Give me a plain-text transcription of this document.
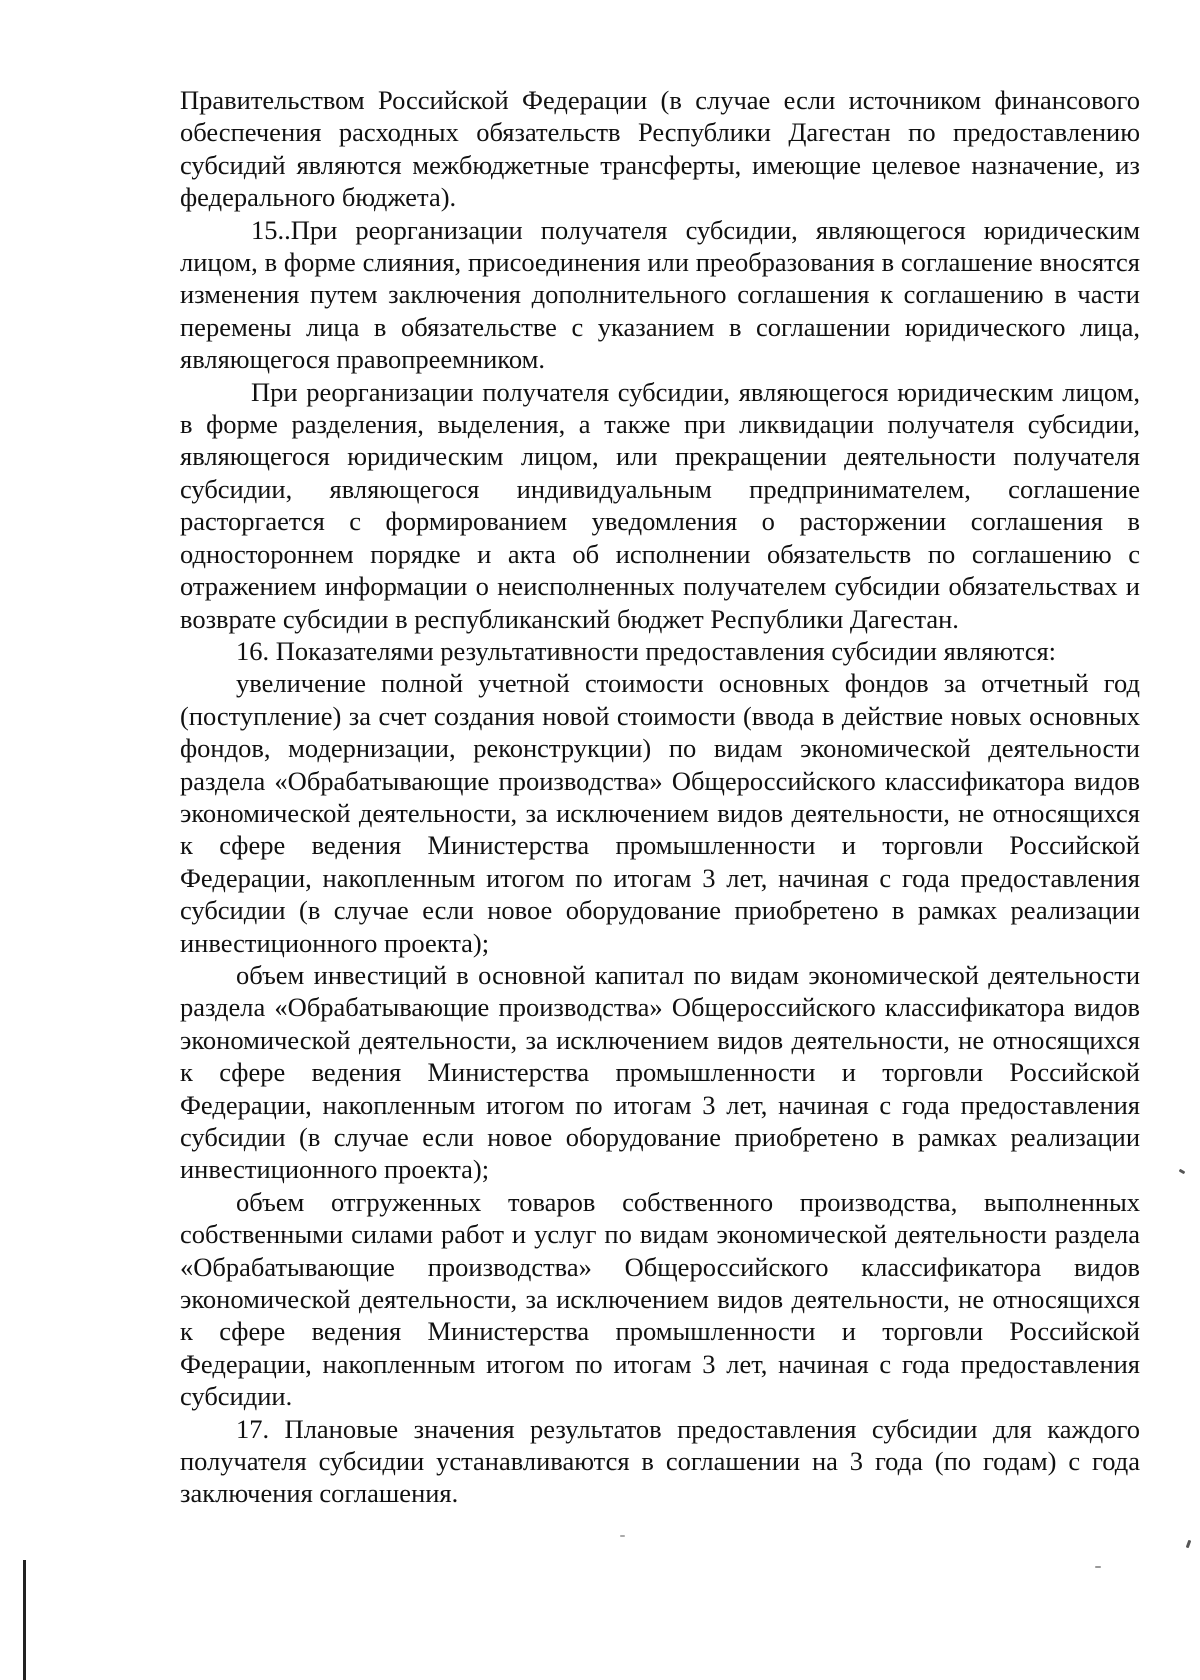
Правительством Российской Федерации (в случае если источником финансового обеспечения расходных обязательств Республики Дагестан по предоставлению субсидий являются межбюджетные трансферты, имеющие целевое назначение, из федерального бюджета).

15..При реорганизации получателя субсидии, являющегося юридическим лицом, в форме слияния, присоединения или преобразования в соглашение вносятся изменения путем заключения дополнительного соглашения к соглашению в части перемены лица в обязательстве с указанием в соглашении юридического лица, являющегося правопреемником.

При реорганизации получателя субсидии, являющегося юридическим лицом, в форме разделения, выделения, а также при ликвидации получателя субсидии, являющегося юридическим лицом, или прекращении деятельности получателя субсидии, являющегося индивидуальным предпринимателем, соглашение расторгается с формированием уведомления о расторжении соглашения в одностороннем порядке и акта об исполнении обязательств по соглашению с отражением информации о неисполненных получателем субсидии обязательствах и возврате субсидии в республиканский бюджет Республики Дагестан.

16. Показателями результативности предоставления субсидии являются:

увеличение полной учетной стоимости основных фондов за отчетный год (поступление) за счет создания новой стоимости (ввода в действие новых основных фондов, модернизации, реконструкции) по видам экономической деятельности раздела «Обрабатывающие производства» Общероссийского классификатора видов экономической деятельности, за исключением видов деятельности, не относящихся к сфере ведения Министерства промышленности и торговли Российской Федерации, накопленным итогом по итогам 3 лет, начиная с года предоставления субсидии (в случае если новое оборудование приобретено в рамках реализации инвестиционного проекта);

объем инвестиций в основной капитал по видам экономической деятельности раздела «Обрабатывающие производства» Общероссийского классификатора видов экономической деятельности, за исключением видов деятельности, не относящихся к сфере ведения Министерства промышленности и торговли Российской Федерации, накопленным итогом по итогам 3 лет, начиная с года предоставления субсидии (в случае если новое оборудование приобретено в рамках реализации инвестиционного проекта);

объем отгруженных товаров собственного производства, выполненных собственными силами работ и услуг по видам экономической деятельности раздела «Обрабатывающие производства» Общероссийского классификатора видов экономической деятельности, за исключением видов деятельности, не относящихся к сфере ведения Министерства промышленности и торговли Российской Федерации, накопленным итогом по итогам 3 лет, начиная с года предоставления субсидии.

17. Плановые значения результатов предоставления субсидии для каждого получателя субсидии устанавливаются в соглашении на 3 года (по годам) с года заключения соглашения.
